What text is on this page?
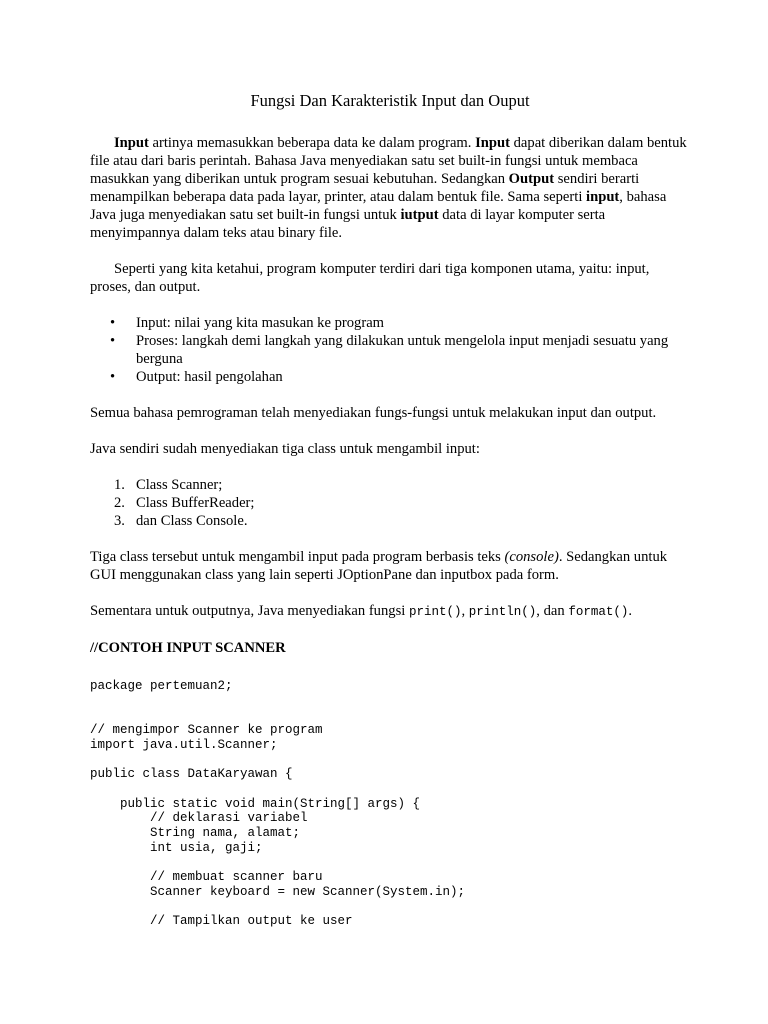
Fungsi Dan Karakteristik Input dan Ouput

Input artinya memasukkan beberapa data ke dalam program. Input dapat diberikan dalam bentuk file atau dari baris perintah. Bahasa Java menyediakan satu set built-in fungsi untuk membaca masukkan yang diberikan untuk program sesuai kebutuhan. Sedangkan Output sendiri berarti menampilkan beberapa data pada layar, printer, atau dalam bentuk file. Sama seperti input, bahasa Java juga menyediakan satu set built-in fungsi untuk iutput data di layar komputer serta menyimpannya dalam teks atau binary file.

Seperti yang kita ketahui, program komputer terdiri dari tiga komponen utama, yaitu: input, proses, dan output.

• Input: nilai yang kita masukan ke program
• Proses: langkah demi langkah yang dilakukan untuk mengelola input menjadi sesuatu yang berguna
• Output: hasil pengolahan

Semua bahasa pemrograman telah menyediakan fungs-fungsi untuk melakukan input dan output.

Java sendiri sudah menyediakan tiga class untuk mengambil input:

1. Class Scanner;
2. Class BufferReader;
3. dan Class Console.

Tiga class tersebut untuk mengambil input pada program berbasis teks (console). Sedangkan untuk GUI menggunakan class yang lain seperti JOptionPane dan inputbox pada form.

Sementara untuk outputnya, Java menyediakan fungsi print(), println(), dan format().

//CONTOH INPUT SCANNER

package pertemuan2;

// mengimpor Scanner ke program
import java.util.Scanner;

public class DataKaryawan {

public static void main(String[] args) {
// deklarasi variabel
String nama, alamat;
int usia, gaji;

// membuat scanner baru
Scanner keyboard = new Scanner(System.in);

// Tampilkan output ke user
